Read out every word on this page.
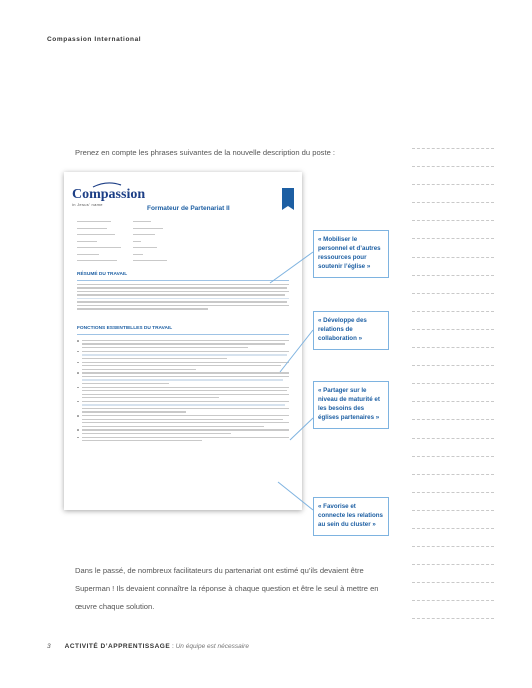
Compassion International
Prenez en compte les phrases suivantes de la nouvelle description du poste :
Compassion
in Jesus' name
Formateur de Partenariat II
RÉSUMÉ DU TRAVAIL
FONCTIONS ESSENTIELLES DU TRAVAIL
« Mobiliser le personnel et d’autres ressources pour soutenir l’église »
« Développe des relations de collaboration »
« Partager sur le niveau de maturité et les besoins des églises partenaires »
« Favorise et connecte les relations au sein du cluster »
Dans le passé, de nombreux facilitateurs du partenariat ont estimé qu’ils devaient être Superman ! Ils devaient connaître la réponse à chaque question et être le seul à mettre en œuvre chaque solution.
3 ACTIVITÉ D’APPRENTISSAGE : Un équipe est nécessaire
